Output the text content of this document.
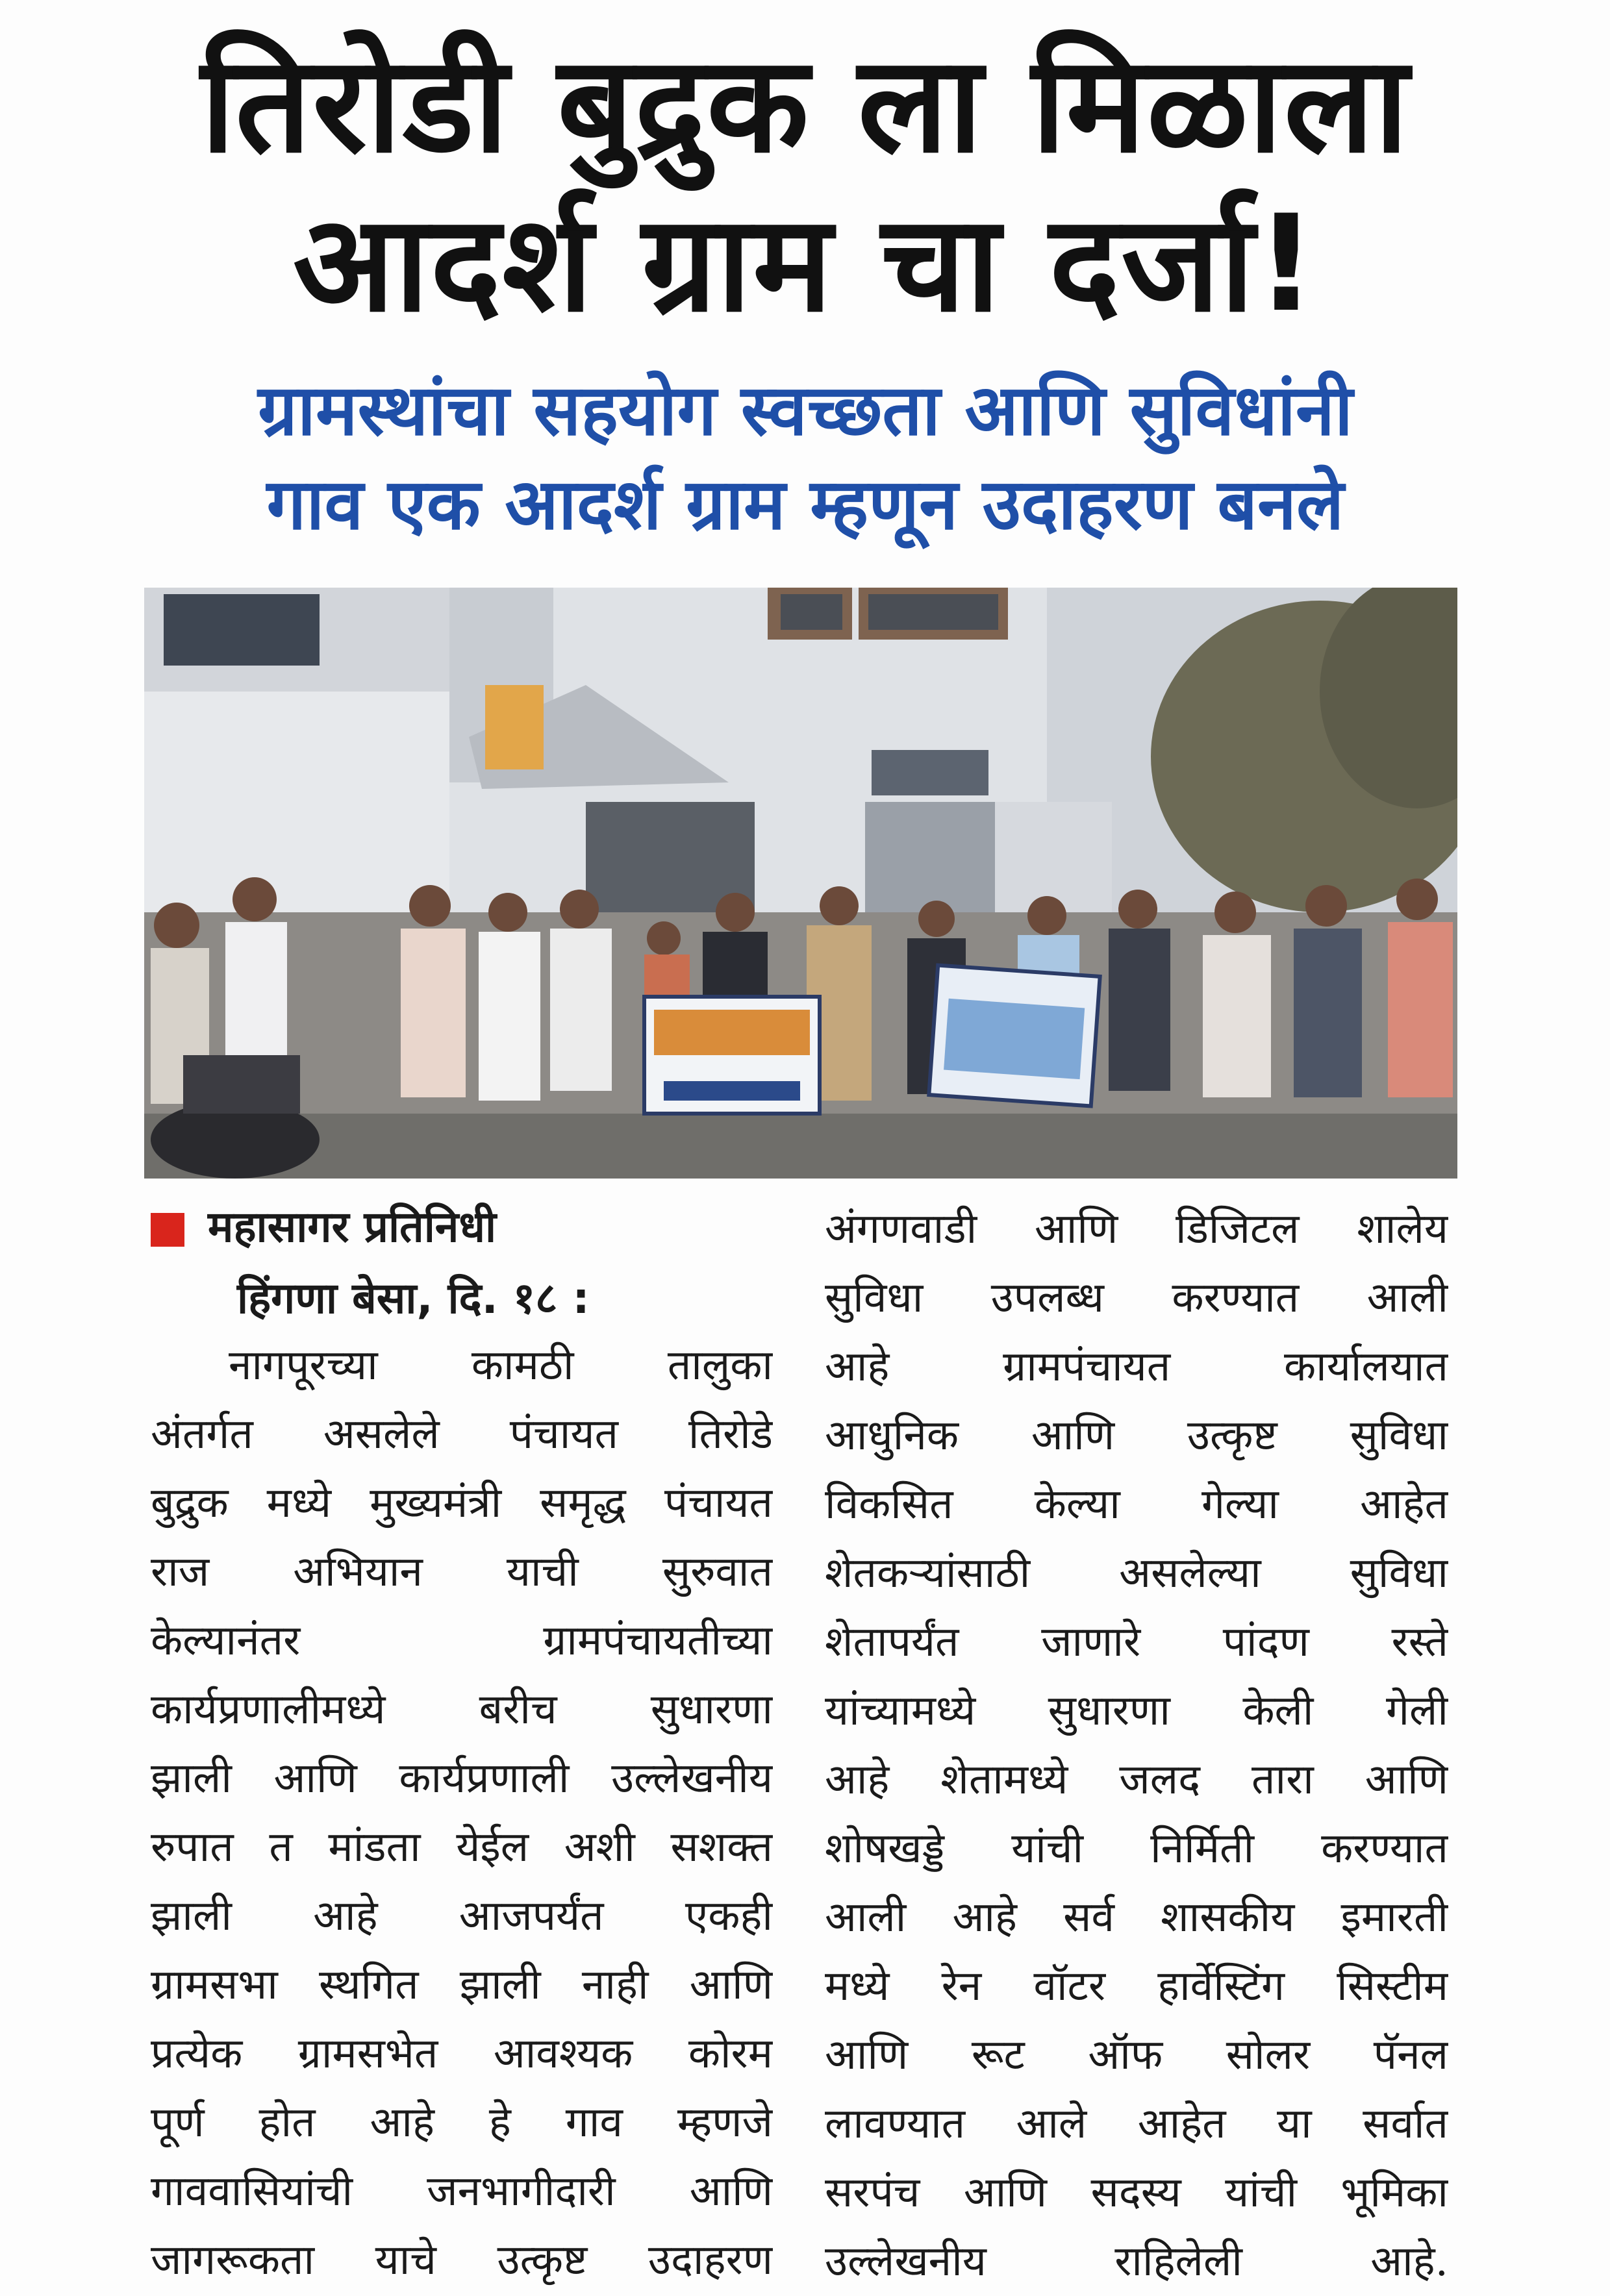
तिरोडी बुद्रुक ला मिळाला
आदर्श ग्राम चा दर्जा!
ग्रामस्थांचा सहयोग स्वच्छता आणि सुविधांनी
गाव एक आदर्श ग्राम म्हणून उदाहरण बनले
महासागर प्रतिनिधी
हिंगणा बेसा, दि. १८ :
नागपूरच्या कामठी तालुका
अंतर्गत असलेले पंचायत तिरोडे
बुद्रुक मध्ये मुख्यमंत्री समृद्ध पंचायत
राज अभियान याची सुरुवात
केल्यानंतर ग्रामपंचायतीच्या
कार्यप्रणालीमध्ये बरीच सुधारणा
झाली आणि कार्यप्रणाली उल्लेखनीय
रुपात त मांडता येईल अशी सशक्त
झाली आहे आजपर्यंत एकही
ग्रामसभा स्थगित झाली नाही आणि
प्रत्येक ग्रामसभेत आवश्यक कोरम
पूर्ण होत आहे हे गाव म्हणजे
गाववासियांची जनभागीदारी आणि
जागरूकता याचे उत्कृष्ट उदाहरण
अंगणवाडी आणि डिजिटल शालेय
सुविधा उपलब्ध करण्यात आली
आहे ग्रामपंचायत कार्यालयात
आधुनिक आणि उत्कृष्ट सुविधा
विकसित केल्या गेल्या आहेत
शेतकऱ्यांसाठी असलेल्या सुविधा
शेतापर्यंत जाणारे पांदण रस्ते
यांच्यामध्ये सुधारणा केली गेली
आहे शेतामध्ये जलद तारा आणि
शोषखड्डे यांची निर्मिती करण्यात
आली आहे सर्व शासकीय इमारती
मध्ये रेन वॉटर हार्वेस्टिंग सिस्टीम
आणि रूट ऑफ सोलर पॅनल
लावण्यात आले आहेत या सर्वात
सरपंच आणि सदस्य यांची भूमिका
उल्लेखनीय राहिलेली आहे.
